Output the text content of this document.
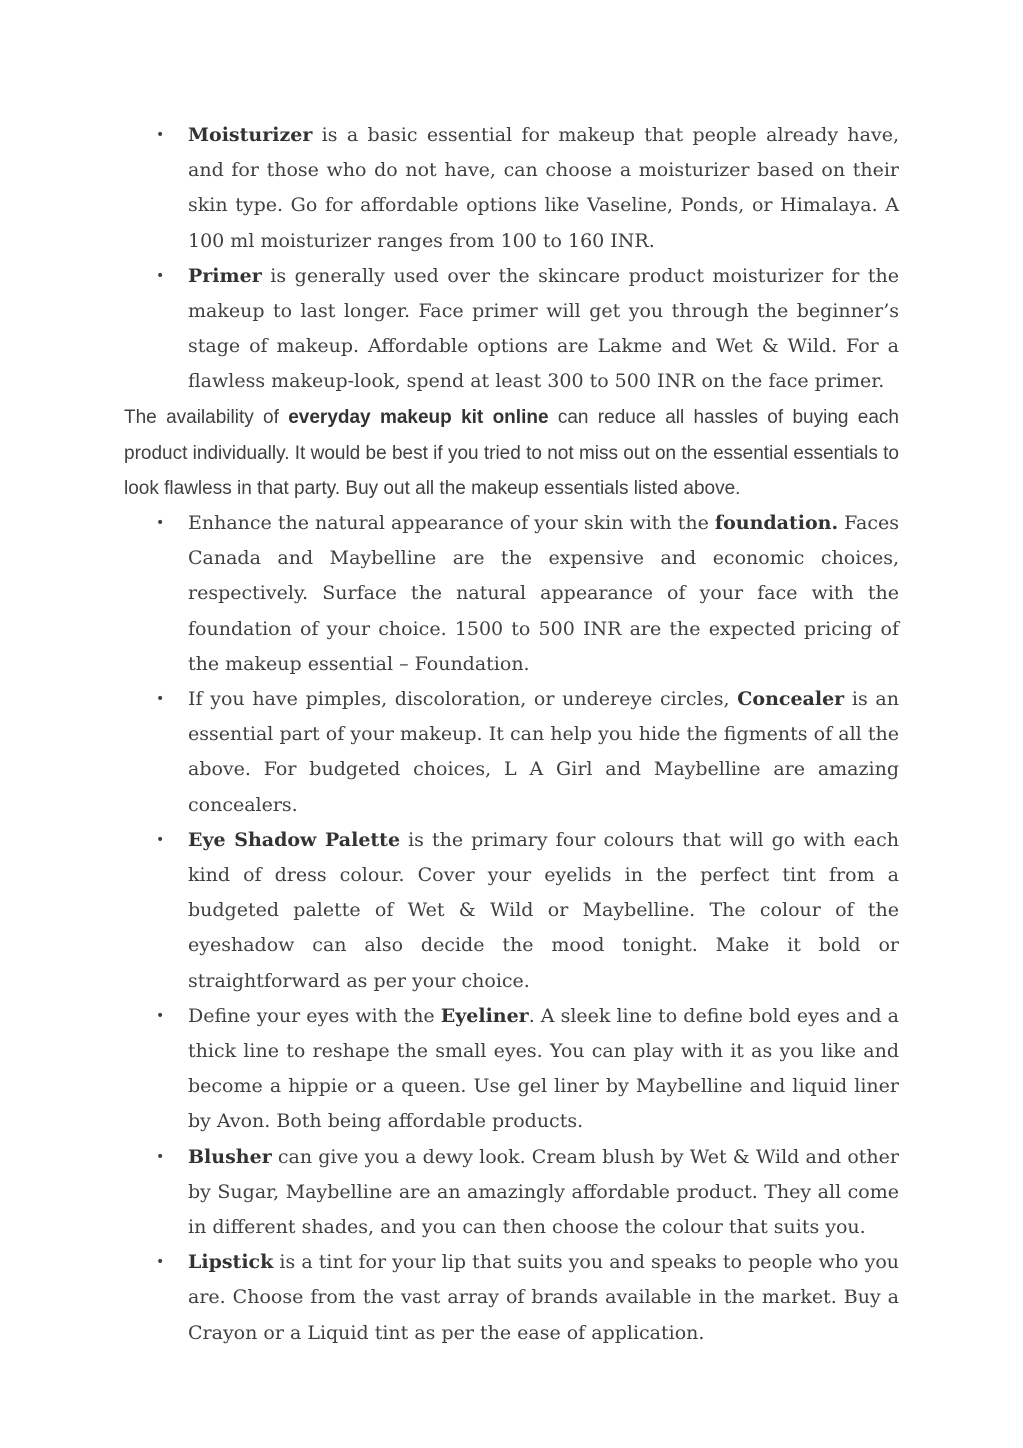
• Moisturizer is a basic essential for makeup that people already have, and for those who do not have, can choose a moisturizer based on their skin type. Go for affordable options like Vaseline, Ponds, or Himalaya. A 100 ml moisturizer ranges from 100 to 160 INR.
• Primer is generally used over the skincare product moisturizer for the makeup to last longer. Face primer will get you through the beginner’s stage of makeup. Affordable options are Lakme and Wet & Wild. For a flawless makeup-look, spend at least 300 to 500 INR on the face primer.

The availability of everyday makeup kit online can reduce all hassles of buying each product individually. It would be best if you tried to not miss out on the essential essentials to look flawless in that party. Buy out all the makeup essentials listed above.

• Enhance the natural appearance of your skin with the foundation. Faces Canada and Maybelline are the expensive and economic choices, respectively. Surface the natural appearance of your face with the foundation of your choice. 1500 to 500 INR are the expected pricing of the makeup essential – Foundation.
• If you have pimples, discoloration, or undereye circles, Concealer is an essential part of your makeup. It can help you hide the figments of all the above. For budgeted choices, L A Girl and Maybelline are amazing concealers.
• Eye Shadow Palette is the primary four colours that will go with each kind of dress colour. Cover your eyelids in the perfect tint from a budgeted palette of Wet & Wild or Maybelline. The colour of the eyeshadow can also decide the mood tonight. Make it bold or straightforward as per your choice.
• Define your eyes with the Eyeliner. A sleek line to define bold eyes and a thick line to reshape the small eyes. You can play with it as you like and become a hippie or a queen. Use gel liner by Maybelline and liquid liner by Avon. Both being affordable products.
• Blusher can give you a dewy look. Cream blush by Wet & Wild and other by Sugar, Maybelline are an amazingly affordable product. They all come in different shades, and you can then choose the colour that suits you.
• Lipstick is a tint for your lip that suits you and speaks to people who you are. Choose from the vast array of brands available in the market. Buy a Crayon or a Liquid tint as per the ease of application.
